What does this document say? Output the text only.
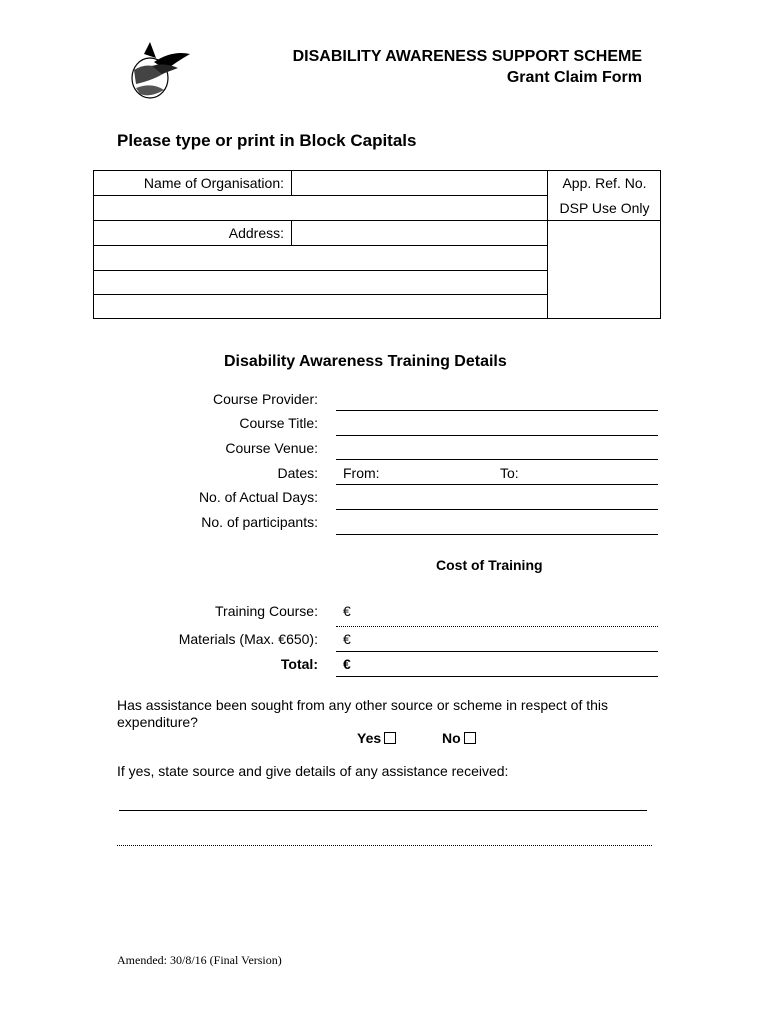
DISABILITY AWARENESS SUPPORT SCHEME
Grant Claim Form
Please type or print in Block Capitals
Name of Organisation:
Address:
App. Ref. No.
DSP Use Only
Disability Awareness Training Details
Course Provider:
Course Title:
Course Venue:
Dates: From:	To:
No. of Actual Days:
No. of participants:
Cost of Training
Training Course: €
Materials (Max. €650): €
Total: €
Has assistance been sought from any other source or scheme in respect of this expenditure?
Yes	No
If yes, state source and give details of any assistance received:
Amended: 30/8/16 (Final Version)
